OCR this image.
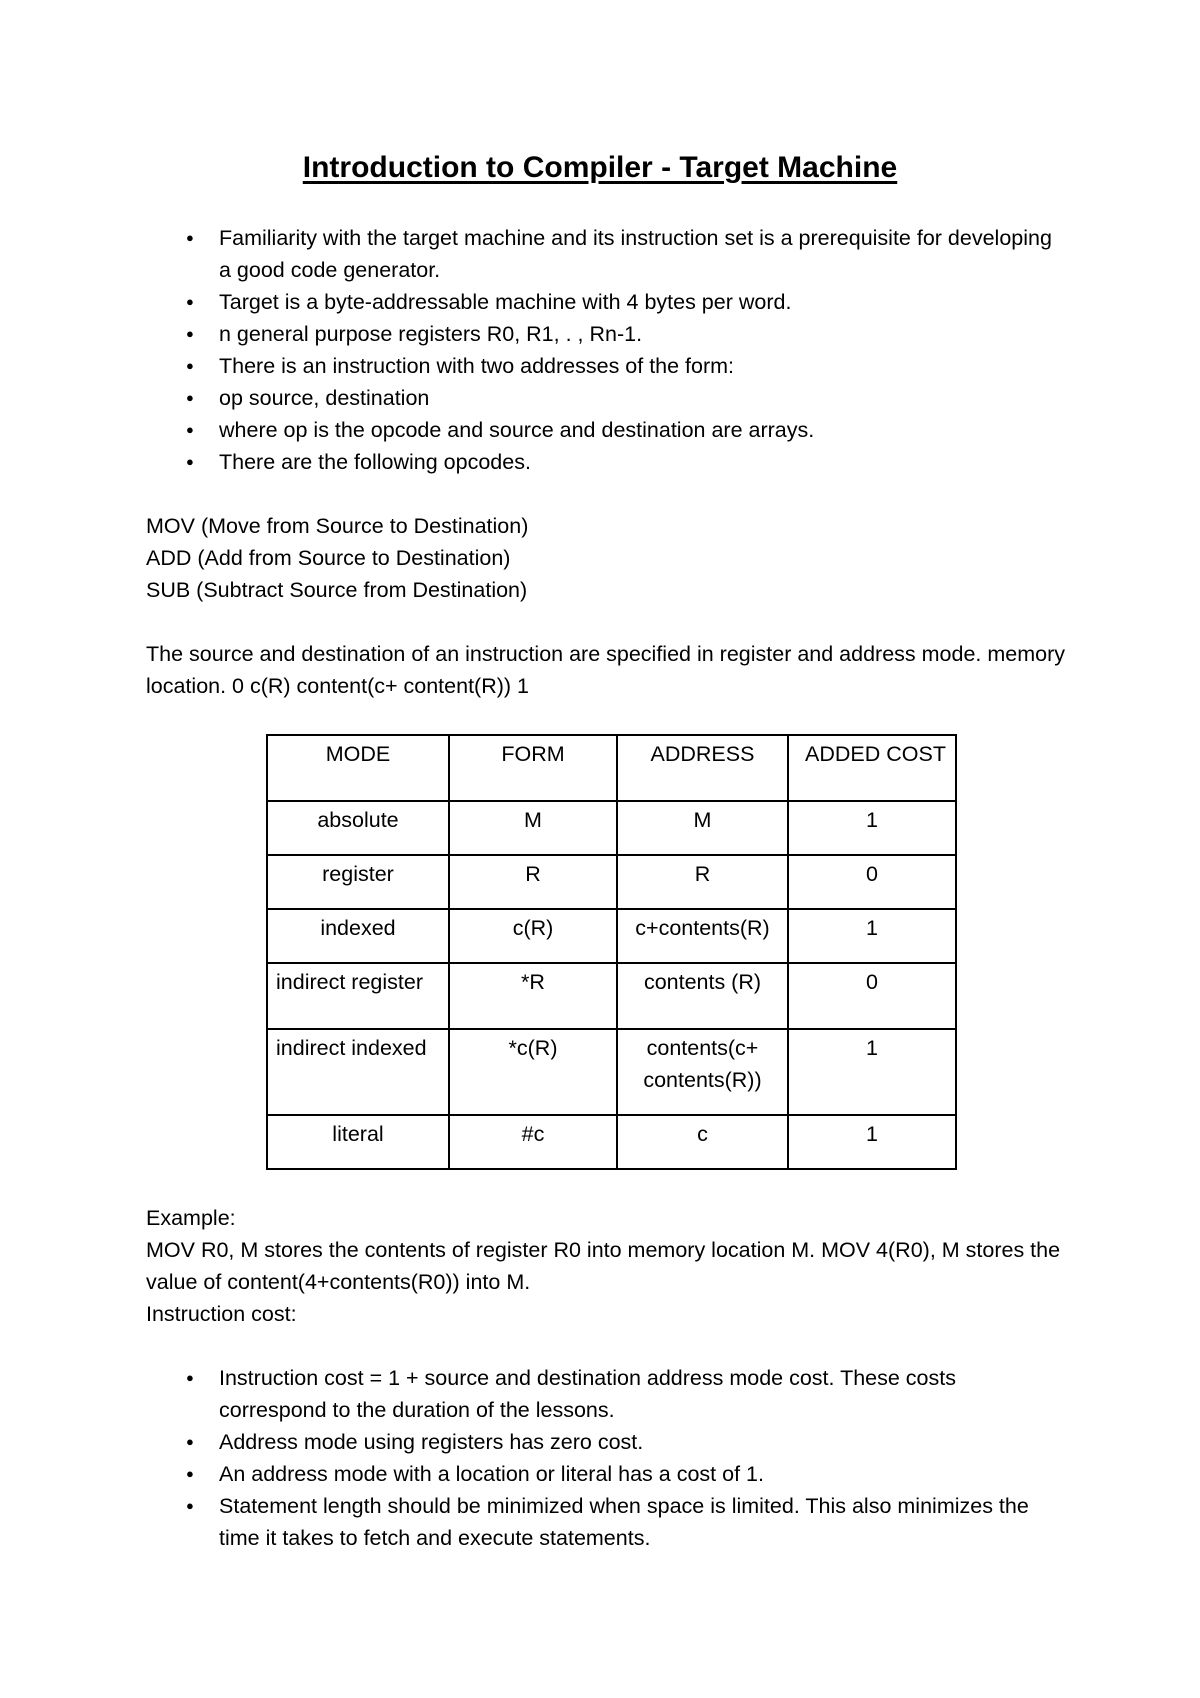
Introduction to Compiler - Target Machine
● Familiarity with the target machine and its instruction set is a prerequisite for developing a good code generator.
● Target is a byte-addressable machine with 4 bytes per word.
● n general purpose registers R0, R1, . , Rn-1.
● There is an instruction with two addresses of the form:
● op source, destination
● where op is the opcode and source and destination are arrays.
● There are the following opcodes.

MOV (Move from Source to Destination)

ADD (Add from Source to Destination)

SUB (Subtract Source from Destination)

The source and destination of an instruction are specified in register and address mode. memory location. 0 c(R) content(c+ content(R)) 1

MODE	FORM	ADDRESS	ADDED COST
absolute	M	M	1
register	R	R	0
indexed	c(R)	c+contents(R)	1
indirect register	*R	contents (R)	0
indirect indexed	*c(R)	contents(c+ contents(R))	1
literal	#c	c	1

Example:

MOV R0, M stores the contents of register R0 into memory location M. MOV 4(R0), M stores the value of content(4+contents(R0)) into M.

Instruction cost:

● Instruction cost = 1 + source and destination address mode cost. These costs correspond to the duration of the lessons.
● Address mode using registers has zero cost.
● An address mode with a location or literal has a cost of 1.
● Statement length should be minimized when space is limited. This also minimizes the time it takes to fetch and execute statements.
